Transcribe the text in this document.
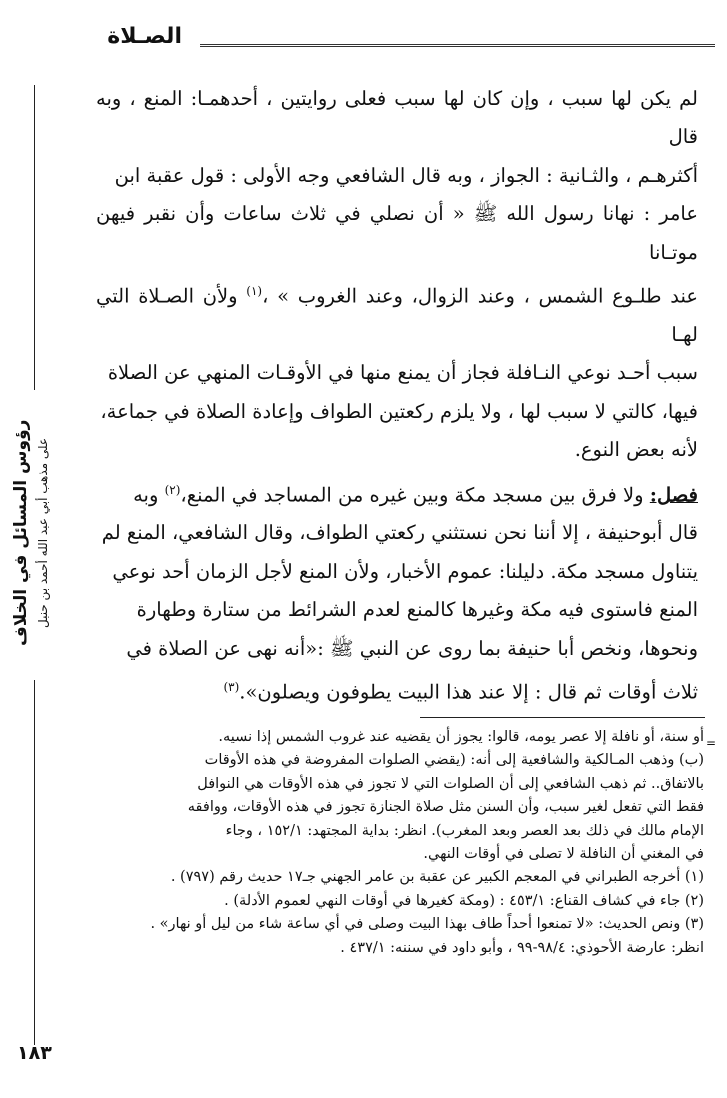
الصـلاة
رؤوس المسائل في الخلاف على مذهب أبي عبد الله أحمد بن حنبل

لم يكن لها سبب ، وإن كان لها سبب فعلى روايتين ، أحدهمـا: المنع ، وبه قال

أكثرهـم ، والثـانية : الجواز ، وبه قال الشافعي وجه الأولى : قول عقبة ابن

عامر : نهانا رسول الله ﷺ « أن نصلي في ثلاث ساعات وأن نقبر فيهن موتـانا

عند طلـوع الشمس ، وعند الزوال، وعند الغروب » ،$^{(١)}$ ولأن الصـلاة التي لهـا

سبب أحـد نوعي النـافلة فجاز أن يمنع منها في الأوقـات المنهي عن الصلاة

فيها، كالتي لا سبب لها ، ولا يلزم ركعتين الطواف وإعادة الصلاة في جماعة،

لأنه بعض النوع.

فصل: ولا فرق بين مسجد مكة وبين غيره من المساجد في المنع،$^{(٢)}$ وبه

قال أبوحنيفة ، إلا أننا نحن نستثني ركعتي الطواف، وقال الشافعي، المنع لم

يتناول مسجد مكة. دليلنا: عموم الأخبار، ولأن المنع لأجل الزمان أحد نوعي

المنع فاستوى فيه مكة وغيرها كالمنع لعدم الشرائط من ستارة وطهارة

ونحوها، ونخص أبا حنيفة بما روى عن النبي ﷺ :«أنه نهى عن الصلاة في

ثلاث أوقات ثم قال : إلا عند هذا البيت يطوفون ويصلون».$^{(٣)}$

=

أو سنة، أو نافلة إلا عصر يومه، قالوا: يجوز أن يقضيه عند غروب الشمس إذا نسيه.

(ب) وذهب المـالكية والشافعية إلى أنه: (يقضي الصلوات المفروضة في هذه الأوقات

بالاتفاق.. ثم ذهب الشافعي إلى أن الصلوات التي لا تجوز في هذه الأوقات هي النوافل

فقط التي تفعل لغير سبب، وأن السنن مثل صلاة الجنازة تجوز في هذه الأوقات، ووافقه

الإمام مالك في ذلك بعد العصر وبعد المغرب). انظر: بداية المجتهد: ١٥٢/١ ، وجاء

في المغني أن النافلة لا تصلى في أوقات النهي.

(١) أخرجه الطبراني في المعجم الكبير عن عقبة بن عامر الجهني جـ١٧ حديث رقم (٧٩٧) .

(٢) جاء في كشاف القناع: ٤٥٣/١ : (ومكة كغيرها في أوقات النهي لعموم الأدلة) .

(٣) ونص الحديث: «لا تمنعوا أحداً طاف بهذا البيت وصلى في أي ساعة شاء من ليل أو نهار» .

انظر: عارضة الأحوذي: ٩٨/٤-٩٩ ، وأبو داود في سننه: ٤٣٧/١ .

١٨٣
